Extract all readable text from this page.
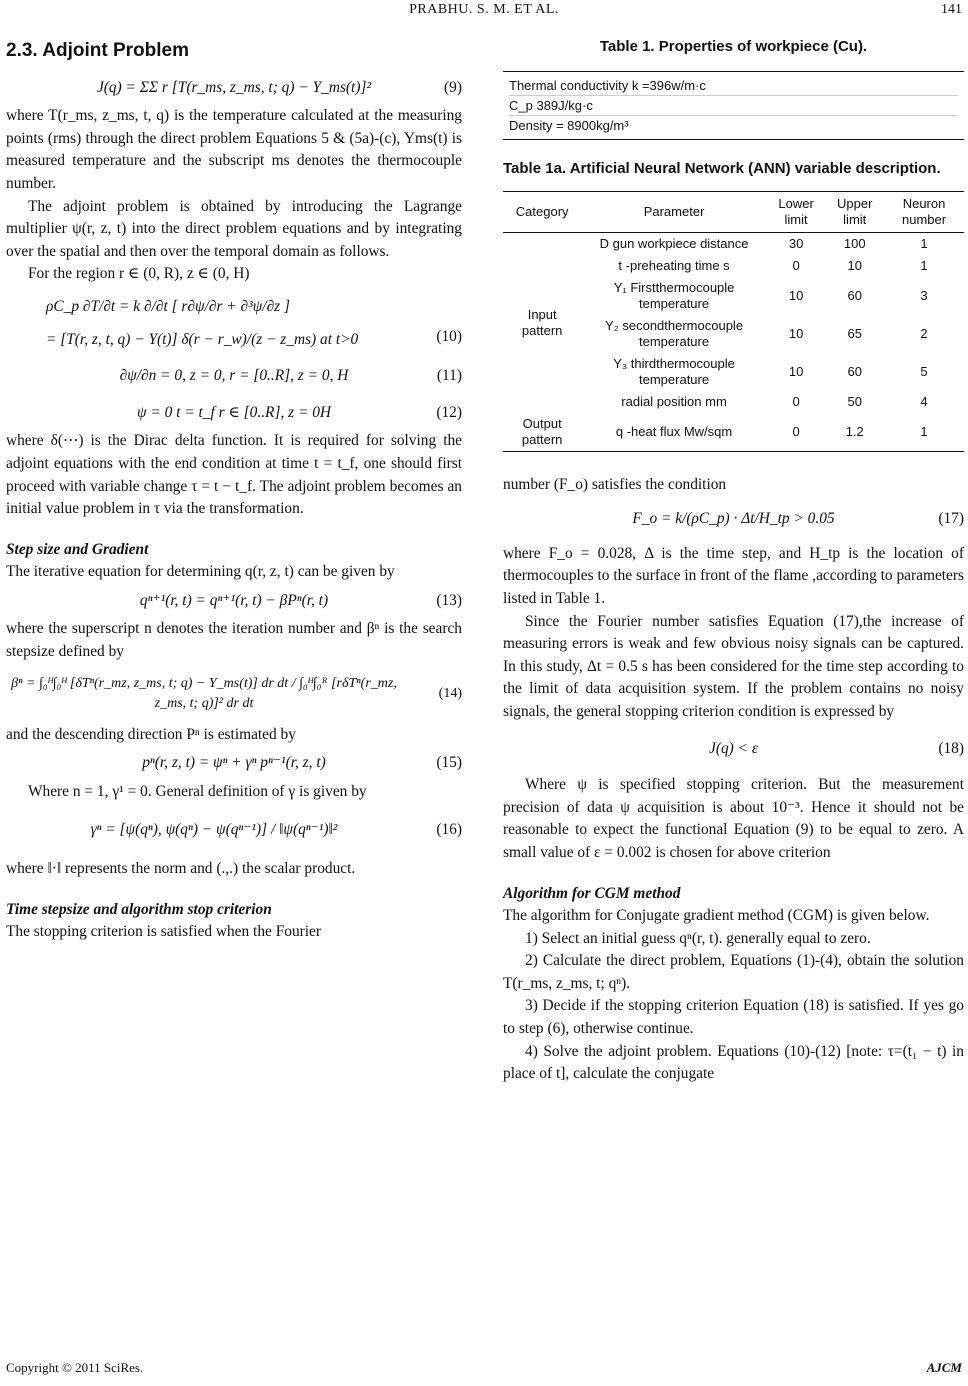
PRABHU. S. M. ET AL.	141
2.3. Adjoint Problem
J(q) = ΣΣ r [T(r_ms, z_ms, t; q) − Y_ms(t)]²	(9)

where T(r_ms, z_ms, t, q) is the temperature calculated at the measuring points (rms) through the direct problem Equations 5 & (5a)-(c), Yms(t) is measured temperature and the subscript ms denotes the thermocouple number.

The adjoint problem is obtained by introducing the Lagrange multiplier ψ(r, z, t) into the direct problem equations and by integrating over the spatial and then over the temporal domain as follows.

For the region r ∈ (0, R), z ∈ (0, H)

ρC_p ∂T/∂t = k ∂/∂t [ r∂ψ/∂r + ∂³ψ/∂z ]
= [T(r, z, t, q) − Y(t)] δ(r − r_w)/(z − z_ms) at t>0	(10)
∂ψ/∂n = 0, z = 0, r = [0..R], z = 0, H	(11)
ψ = 0 t = t_f r ∈ [0..R], z = 0H	(12)

where δ(⋯) is the Dirac delta function. It is required for solving the adjoint equations with the end condition at time t = t_f, one should first proceed with variable change τ = t − t_f. The adjoint problem becomes an initial value problem in τ via the transformation.

Step size and Gradient

The iterative equation for determining q(r, z, t) can be given by

qⁿ⁺¹(r, t) = qⁿ⁺¹(r, t) − βPⁿ(r, t)	(13)

where the superscript n denotes the iteration number and βⁿ is the search stepsize defined by

βⁿ = ∫₀ᴴ∫₀ᴴ [δTⁿ(r_mz, z_ms, t; q) − Y_ms(t)] dr dt / ∫₀ᴴ∫₀ᴿ [rδTⁿ(r_mz, z_ms, t; q)]² dr dt
(14)

and the descending direction Pⁿ is estimated by

pⁿ(r, z, t) = ψⁿ + γⁿ pⁿ⁻¹(r, z, t)	(15)

Where n = 1, γ¹ = 0. General definition of γ is given by

γⁿ = [ψ(qⁿ), ψ(qⁿ) − ψ(qⁿ⁻¹)] / ‖ψ(qⁿ⁻¹)‖²	(16)

where ‖·‖ represents the norm and (.,.) the scalar product.

Time stepsize and algorithm stop criterion

The stopping criterion is satisfied when the Fourier

Table 1. Properties of workpiece (Cu).
Thermal conductivity k =396w/m·c
C_p 389J/kg·c
Density = 8900kg/m³
Table 1a. Artificial Neural Network (ANN) variable description.
Category	Parameter	Lower limit	Upper limit	Neuron number
Input pattern	D gun workpiece distance	30	100	1
	t -preheating time s	0	10	1
	Y₁ Firstthermocouple temperature	10	60	3
	Y₂ secondthermocouple temperature	10	65	2
	Y₃ thirdthermocouple temperature	10	60	5
	radial position mm	0	50	4
Output pattern	q -heat flux Mw/sqm	0	1.2	1

number (F_o) satisfies the condition

F_o = k/(ρC_p) · Δt/H_tp > 0.05	(17)

where F_o = 0.028, Δ is the time step, and H_tp is the location of thermocouples to the surface in front of the flame ,according to parameters listed in Table 1.

Since the Fourier number satisfies Equation (17),the increase of measuring errors is weak and few obvious noisy signals can be captured. In this study, Δt = 0.5 s has been considered for the time step according to the limit of data acquisition system. If the problem contains no noisy signals, the general stopping criterion condition is expressed by

J(q) < ε	(18)

Where ψ is specified stopping criterion. But the measurement precision of data ψ acquisition is about 10⁻³. Hence it should not be reasonable to expect the functional Equation (9) to be equal to zero. A small value of ε = 0.002 is chosen for above criterion

Algorithm for CGM method

The algorithm for Conjugate gradient method (CGM) is given below.

1) Select an initial guess qⁿ(r, t). generally equal to zero.

2) Calculate the direct problem, Equations (1)-(4), obtain the solution T(r_ms, z_ms, t; qⁿ).

3) Decide if the stopping criterion Equation (18) is satisfied. If yes go to step (6), otherwise continue.

4) Solve the adjoint problem. Equations (10)-(12) [note: τ=(t₁ − t) in place of t], calculate the conjugate

Copyright © 2011 SciRes.	AJCM
